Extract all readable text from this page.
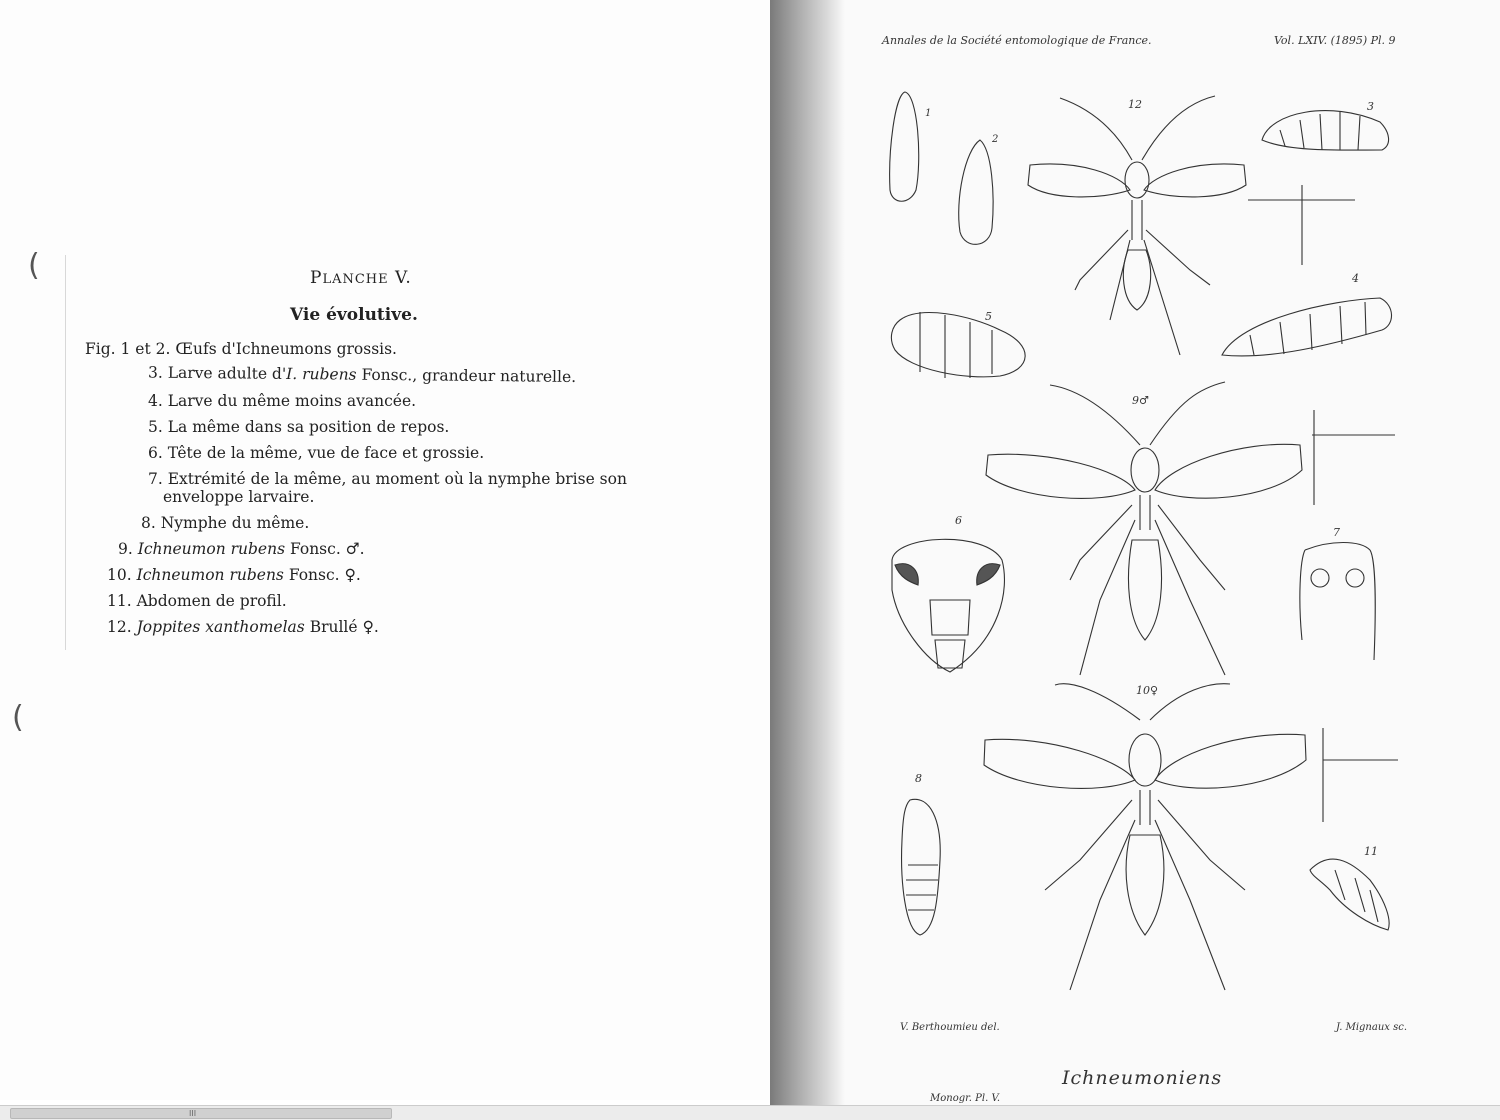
(
(
PLANCHE V.
Vie évolutive.
Fig. 1 et 2. Œufs d'Ichneumons grossis.
3. Larve adulte d'I. rubens Fonsc., grandeur naturelle.
4. Larve du même moins avancée.
5. La même dans sa position de repos.
6. Tête de la même, vue de face et grossie.
7. Extrémité de la même, au moment où la nymphe brise son
enveloppe larvaire.
8. Nymphe du même.
9. Ichneumon rubens Fonsc. ♂.
10. Ichneumon rubens Fonsc. ♀.
11. Abdomen de profil.
12. Joppites xanthomelas Brullé ♀.
Annales de la Société entomologique de France.	Vol. LXIV. (1895) Pl. 9
1
2
3
4
5
6
7
8
9♂
10♀
11
12
V. Berthoumieu del.	J. Mignaux sc.
Ichneumoniens
Monogr. Pl. V.
III
